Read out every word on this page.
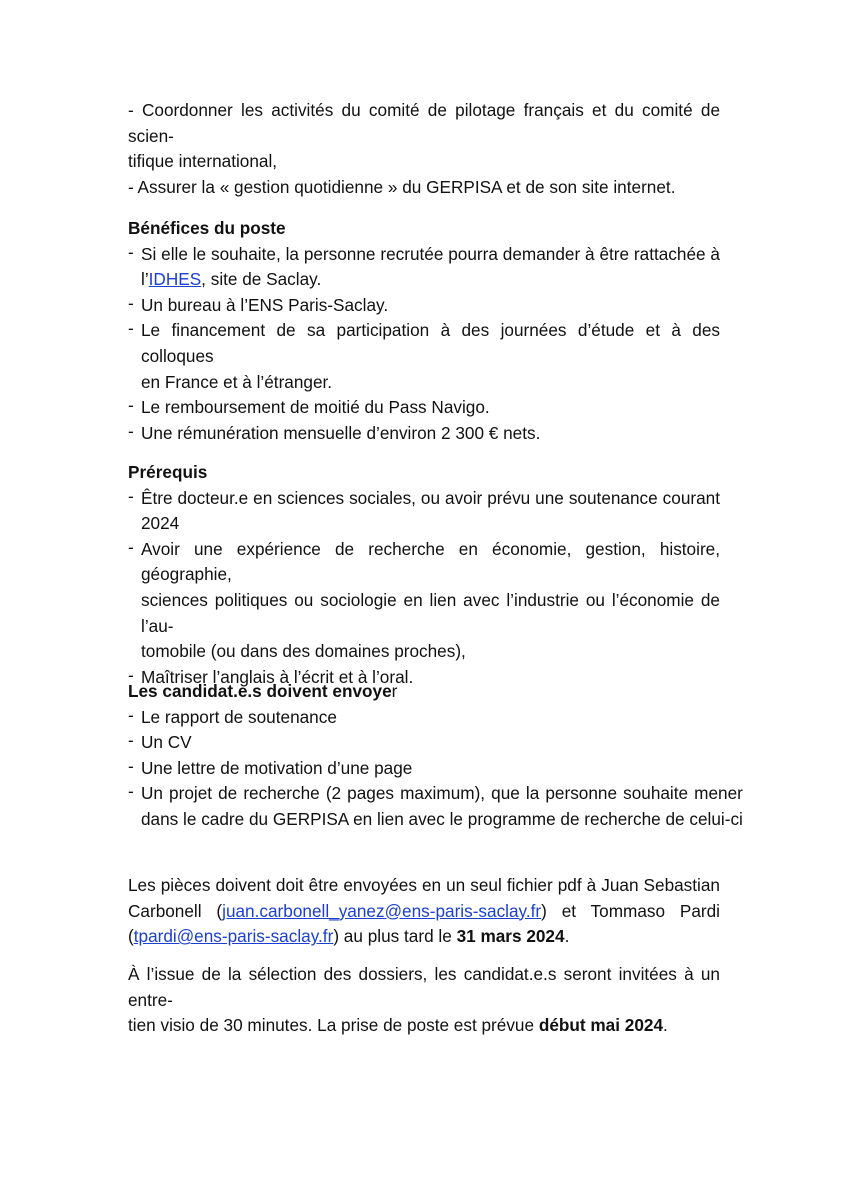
- Coordonner les activités du comité de pilotage français et du comité de scien-
tifique international,
- Assurer la « gestion quotidienne » du GERPISA et de son site internet.
Bénéfices du poste
- Si elle le souhaite, la personne recrutée pourra demander à être rattachée à
l’IDHES, site de Saclay.
- Un bureau à l’ENS Paris-Saclay.
- Le financement de sa participation à des journées d’étude et à des colloques
en France et à l’étranger.
- Le remboursement de moitié du Pass Navigo.
- Une rémunération mensuelle d’environ 2 300 € nets.
Prérequis
- Être docteur.e en sciences sociales, ou avoir prévu une soutenance courant
2024
- Avoir une expérience de recherche en économie, gestion, histoire, géographie,
sciences politiques ou sociologie en lien avec l’industrie ou l’économie de l’au-
tomobile (ou dans des domaines proches),
- Maîtriser l’anglais à l’écrit et à l’oral.
Les candidat.e.s doivent envoyer
- Le rapport de soutenance
- Un CV
- Une lettre de motivation d’une page
- Un projet de recherche (2 pages maximum), que la personne souhaite mener
dans le cadre du GERPISA en lien avec le programme de recherche de celui-ci
Les pièces doivent doit être envoyées en un seul fichier pdf à Juan Sebastian
Carbonell (juan.carbonell_yanez@ens-paris-saclay.fr) et Tommaso Pardi
(tpardi@ens-paris-saclay.fr) au plus tard le 31 mars 2024.
À l’issue de la sélection des dossiers, les candidat.e.s seront invitées à un entre-
tien visio de 30 minutes. La prise de poste est prévue début mai 2024.
